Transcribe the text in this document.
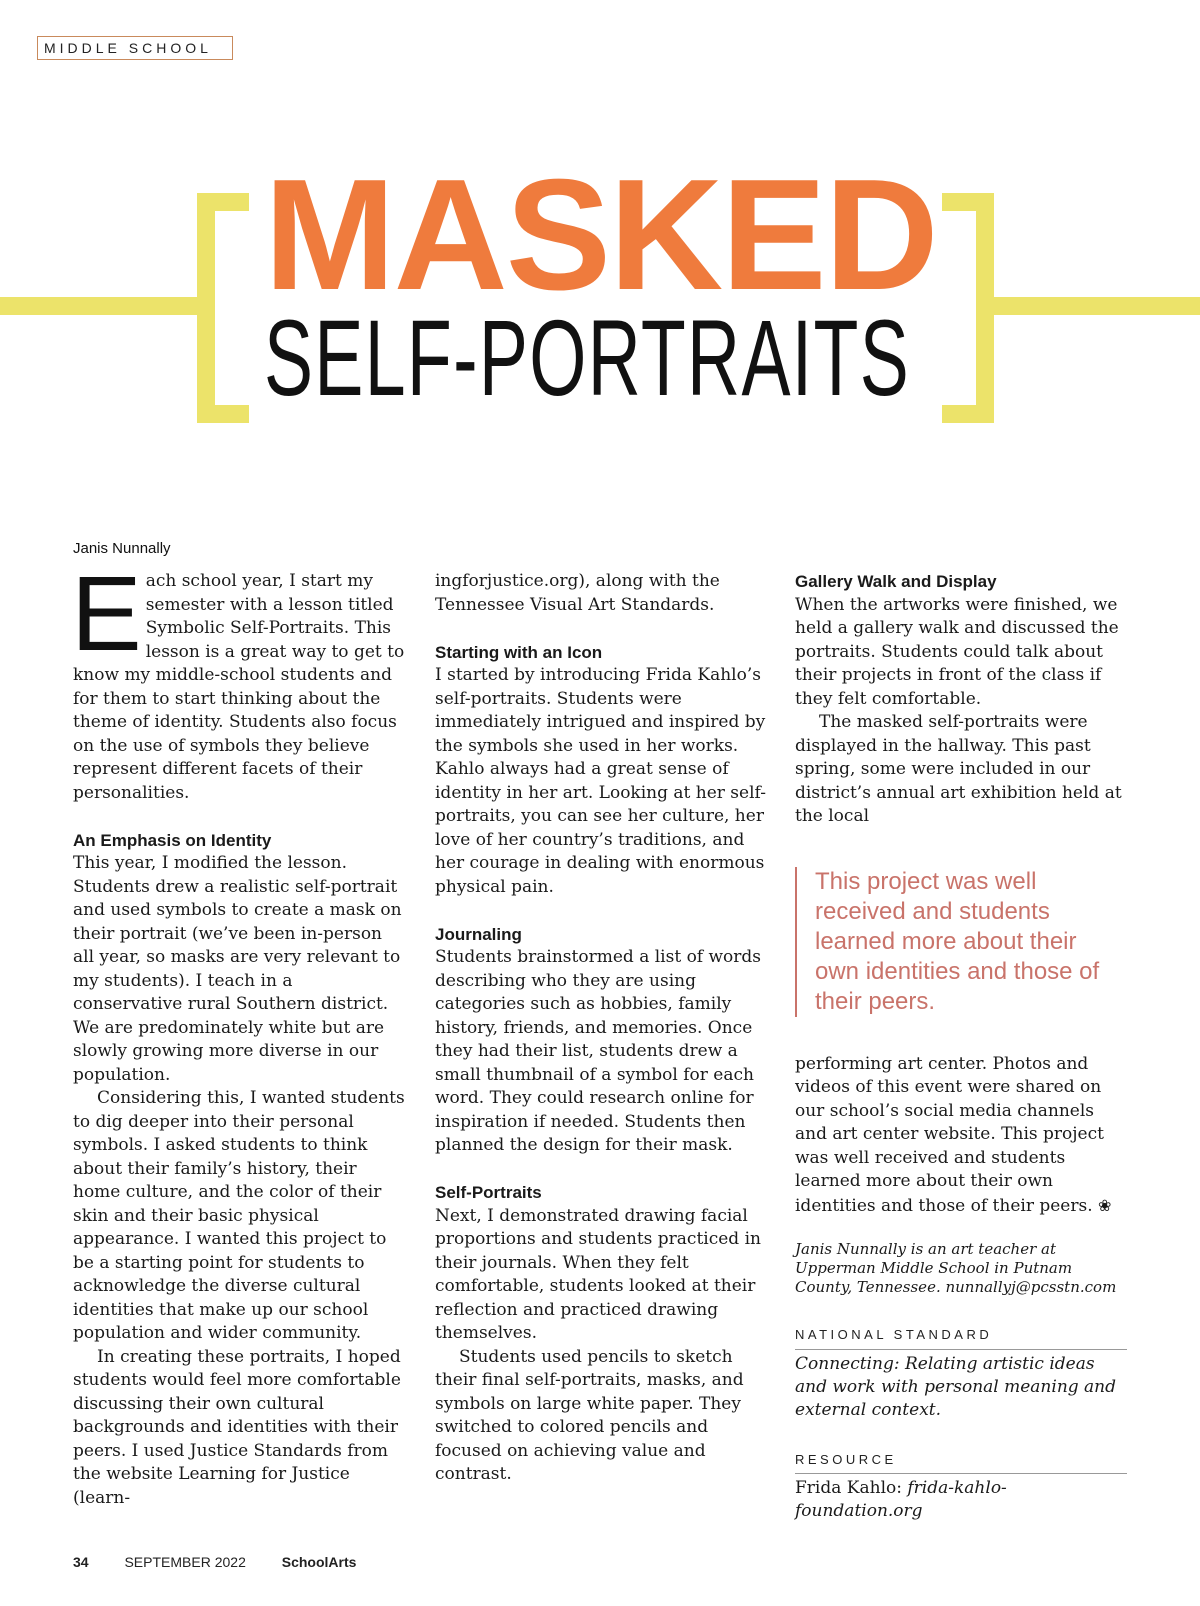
MIDDLE SCHOOL
MASKED
SELF-PORTRAITS
Janis Nunnally

Each school year, I start my semester with a lesson titled Symbolic Self-Portraits. This lesson is a great way to get to know my middle-school students and for them to start thinking about the theme of identity. Students also focus on the use of symbols they believe represent different facets of their personalities.

An Emphasis on Identity

This year, I modified the lesson. Students drew a realistic self-portrait and used symbols to create a mask on their portrait (we’ve been in-person all year, so masks are very relevant to my students). I teach in a conservative rural Southern district. We are predominately white but are slowly growing more diverse in our population.

Considering this, I wanted students to dig deeper into their personal symbols. I asked students to think about their family’s history, their home culture, and the color of their skin and their basic physical appearance. I wanted this project to be a starting point for students to acknowledge the diverse cultural identities that make up our school population and wider community.

In creating these portraits, I hoped students would feel more comfortable discussing their own cultural backgrounds and identities with their peers. I used Justice Standards from the website Learning for Justice (learn-

ingforjustice.org), along with the Tennessee Visual Art Standards.

Starting with an Icon

I started by introducing Frida Kahlo’s self-portraits. Students were immediately intrigued and inspired by the symbols she used in her works. Kahlo always had a great sense of identity in her art. Looking at her self-portraits, you can see her culture, her love of her country’s traditions, and her courage in dealing with enormous physical pain.

Journaling

Students brainstormed a list of words describing who they are using categories such as hobbies, family history, friends, and memories. Once they had their list, students drew a small thumbnail of a symbol for each word. They could research online for inspiration if needed. Students then planned the design for their mask.

Self-Portraits

Next, I demonstrated drawing facial proportions and students practiced in their journals. When they felt comfortable, students looked at their reflection and practiced drawing themselves.

Students used pencils to sketch their final self-portraits, masks, and symbols on large white paper. They switched to colored pencils and focused on achieving value and contrast.

Gallery Walk and Display

When the artworks were finished, we held a gallery walk and discussed the portraits. Students could talk about their projects in front of the class if they felt comfortable.

The masked self-portraits were displayed in the hallway. This past spring, some were included in our district’s annual art exhibition held at the local

This project was well received and students learned more about their own identities and those of their peers.

performing art center. Photos and videos of this event were shared on our school’s social media channels and art center website. This project was well received and students learned more about their own identities and those of their peers. ❀

Janis Nunnally is an art teacher at Upperman Middle School in Putnam County, Tennessee. nunnallyj@pcsstn.com
NATIONAL STANDARD
Connecting: Relating artistic ideas and work with personal meaning and external context.
RESOURCE
Frida Kahlo: frida-kahlo-foundation.org
34	SEPTEMBER 2022	SchoolArts
